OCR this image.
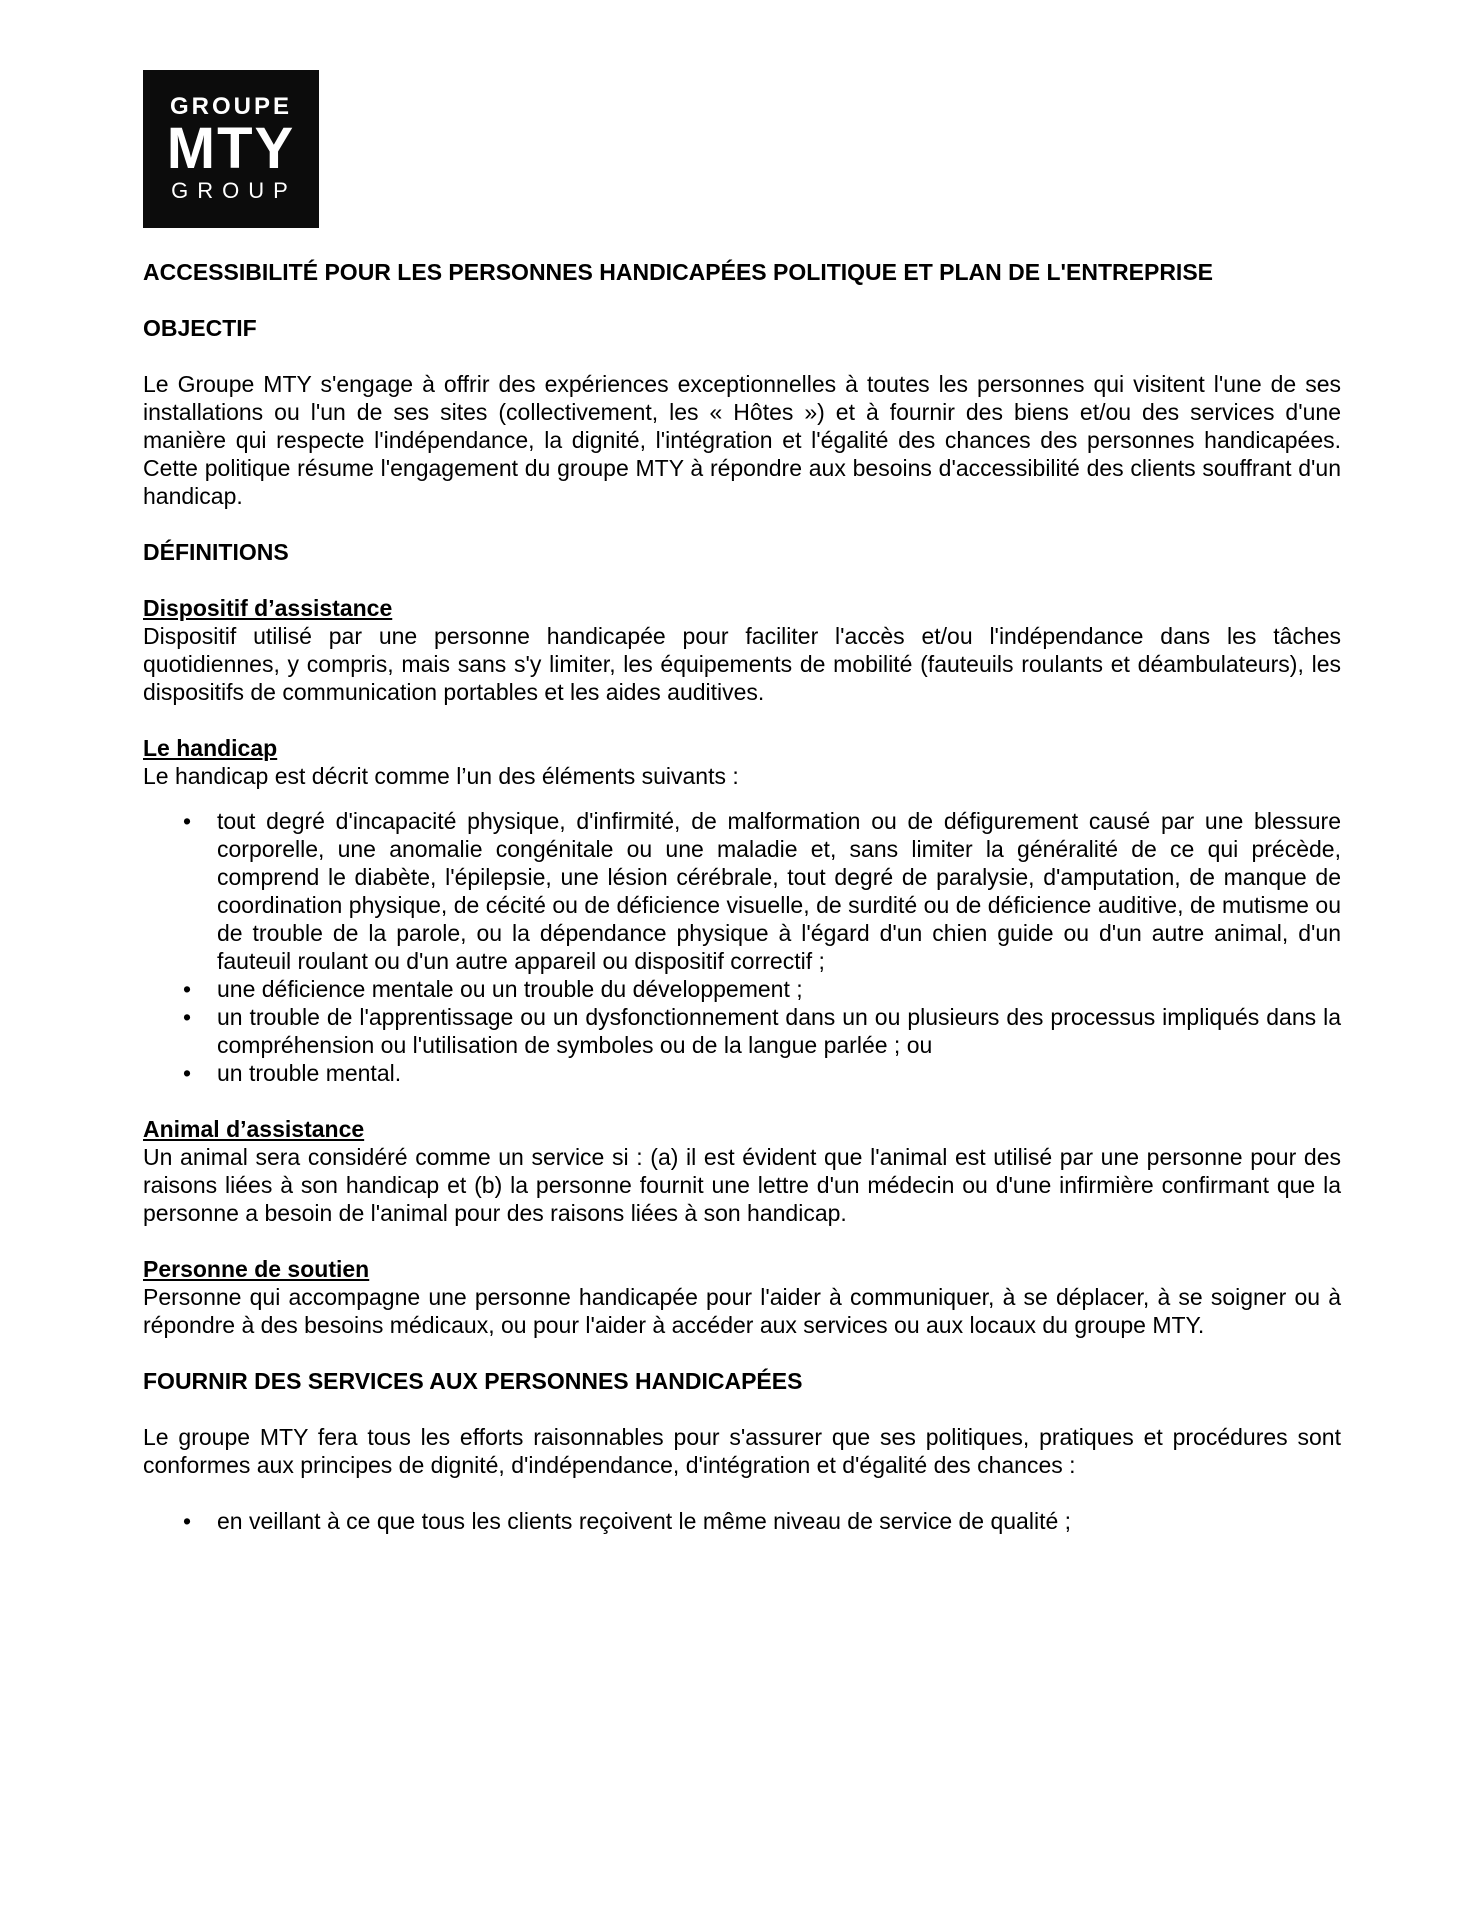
GROUPE
MTY
GROUP
ACCESSIBILITÉ POUR LES PERSONNES HANDICAPÉES POLITIQUE ET PLAN DE L'ENTREPRISE
OBJECTIF

Le Groupe MTY s'engage à offrir des expériences exceptionnelles à toutes les personnes qui visitent l'une de ses installations ou l'un de ses sites (collectivement, les « Hôtes ») et à fournir des biens et/ou des services d'une manière qui respecte l'indépendance, la dignité, l'intégration et l'égalité des chances des personnes handicapées. Cette politique résume l'engagement du groupe MTY à répondre aux besoins d'accessibilité des clients souffrant d'un handicap.

DÉFINITIONS
Dispositif d’assistance

Dispositif utilisé par une personne handicapée pour faciliter l'accès et/ou l'indépendance dans les tâches quotidiennes, y compris, mais sans s'y limiter, les équipements de mobilité (fauteuils roulants et déambulateurs), les dispositifs de communication portables et les aides auditives.

Le handicap

Le handicap est décrit comme l’un des éléments suivants :

• tout degré d'incapacité physique, d'infirmité, de malformation ou de défigurement causé par une blessure corporelle, une anomalie congénitale ou une maladie et, sans limiter la généralité de ce qui précède, comprend le diabète, l'épilepsie, une lésion cérébrale, tout degré de paralysie, d'amputation, de manque de coordination physique, de cécité ou de déficience visuelle, de surdité ou de déficience auditive, de mutisme ou de trouble de la parole, ou la dépendance physique à l'égard d'un chien guide ou d'un autre animal, d'un fauteuil roulant ou d'un autre appareil ou dispositif correctif ;
• une déficience mentale ou un trouble du développement ;
• un trouble de l'apprentissage ou un dysfonctionnement dans un ou plusieurs des processus impliqués dans la compréhension ou l'utilisation de symboles ou de la langue parlée ; ou
• un trouble mental.
Animal d’assistance

Un animal sera considéré comme un service si : (a) il est évident que l'animal est utilisé par une personne pour des raisons liées à son handicap et (b) la personne fournit une lettre d'un médecin ou d'une infirmière confirmant que la personne a besoin de l'animal pour des raisons liées à son handicap.

Personne de soutien

Personne qui accompagne une personne handicapée pour l'aider à communiquer, à se déplacer, à se soigner ou à répondre à des besoins médicaux, ou pour l'aider à accéder aux services ou aux locaux du groupe MTY.

FOURNIR DES SERVICES AUX PERSONNES HANDICAPÉES

Le groupe MTY fera tous les efforts raisonnables pour s'assurer que ses politiques, pratiques et procédures sont conformes aux principes de dignité, d'indépendance, d'intégration et d'égalité des chances :

• en veillant à ce que tous les clients reçoivent le même niveau de service de qualité ;
